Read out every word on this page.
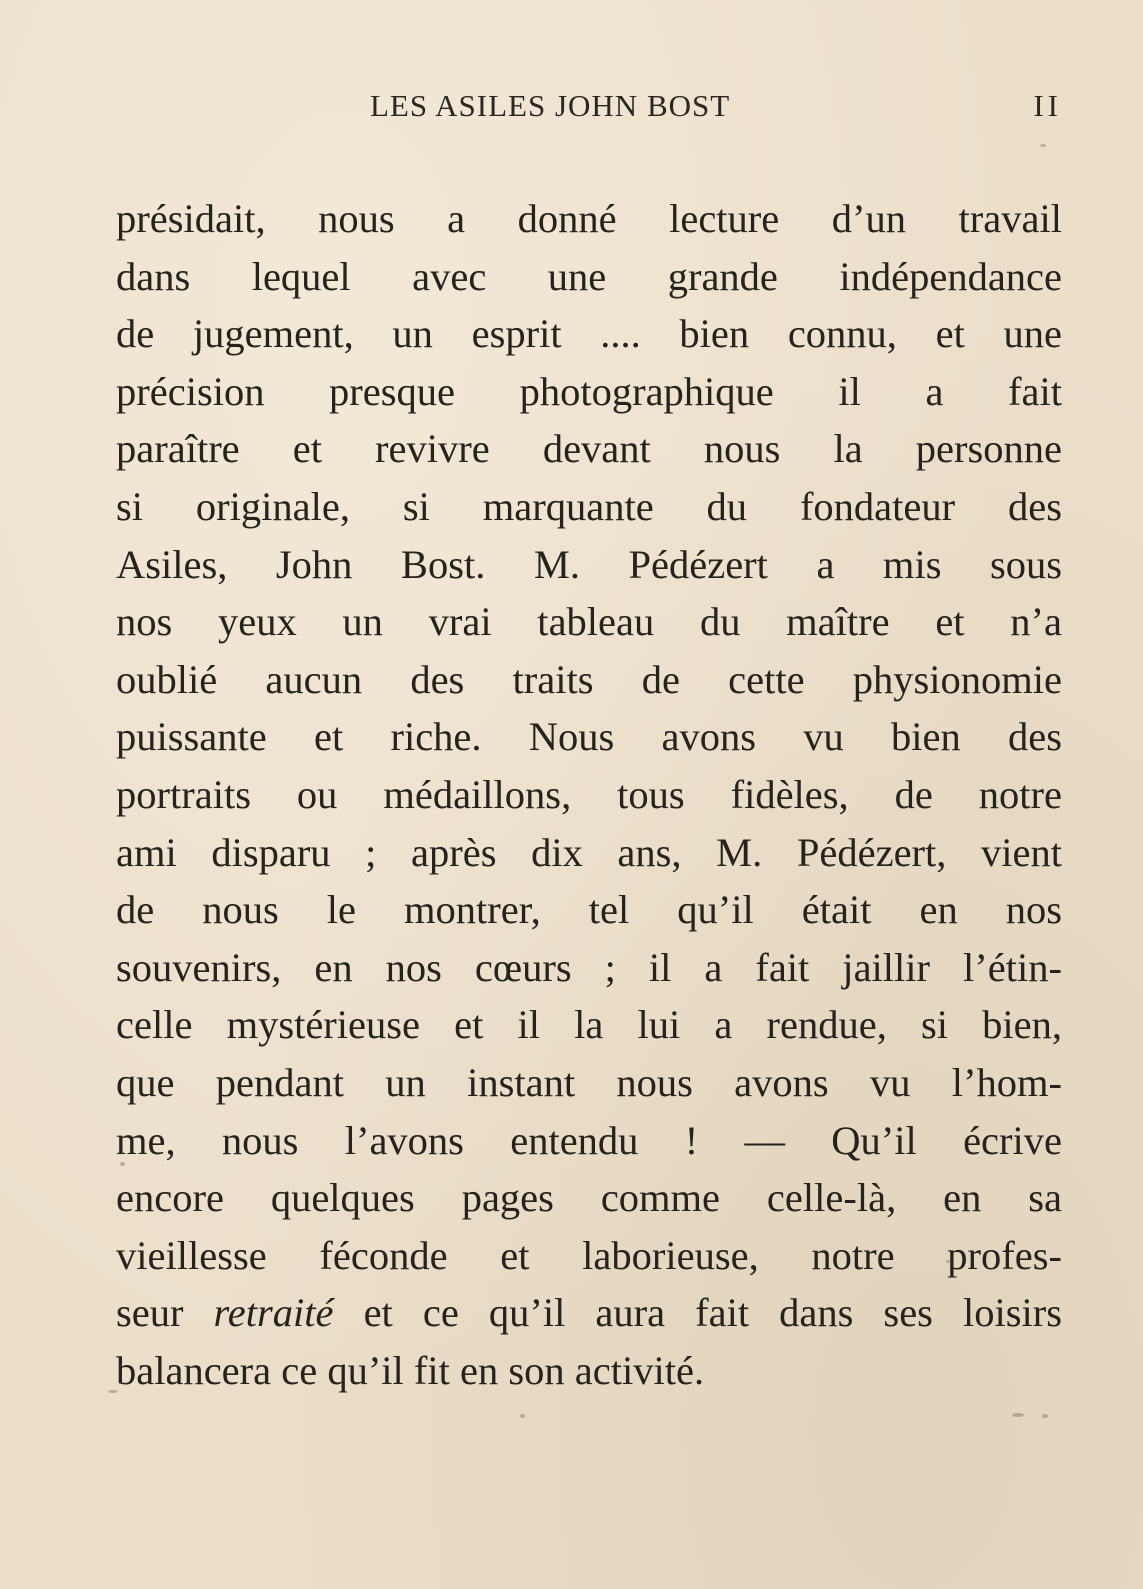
LES ASILES JOHN BOST	II
présidait, nous a donné lecture d’un travail
dans lequel avec une grande indépendance
de jugement, un esprit .... bien connu, et une
précision presque photographique il a fait
paraître et revivre devant nous la personne
si originale, si marquante du fondateur des
Asiles, John Bost. M. Pédézert a mis sous
nos yeux un vrai tableau du maître et n’a
oublié aucun des traits de cette physionomie
puissante et riche. Nous avons vu bien des
portraits ou médaillons, tous fidèles, de notre
ami disparu ; après dix ans, M. Pédézert, vient
de nous le montrer, tel qu’il était en nos
souvenirs, en nos cœurs ; il a fait jaillir l’étin-
celle mystérieuse et il la lui a rendue, si bien,
que pendant un instant nous avons vu l’hom-
me, nous l’avons entendu ! — Qu’il écrive
encore quelques pages comme celle-là, en sa
vieillesse féconde et laborieuse, notre profes-
seur retraité et ce qu’il aura fait dans ses loisirs
balancera ce qu’il fit en son activité.
